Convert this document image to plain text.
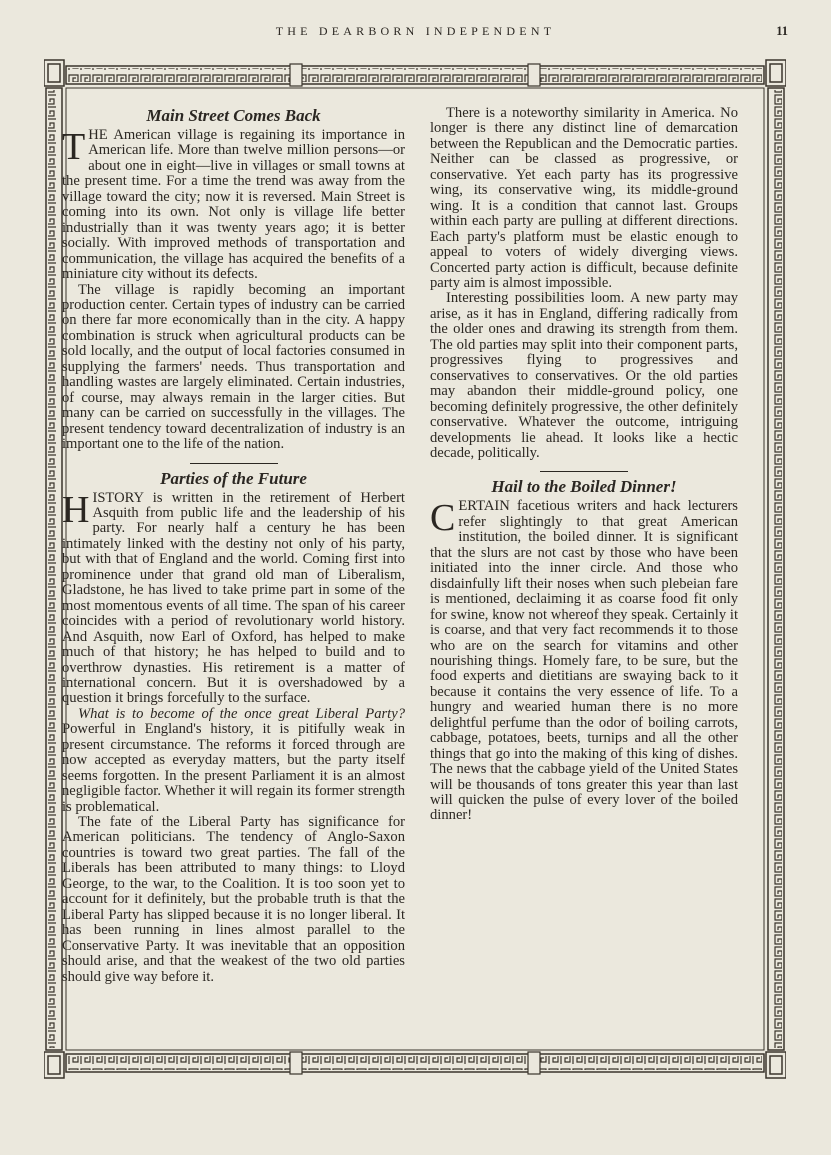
THE DEARBORN INDEPENDENT	11
Main Street Comes Back

THE American village is regaining its importance in American life. More than twelve million persons—or about one in eight—live in villages or small towns at the present time. For a time the trend was away from the village toward the city; now it is reversed. Main Street is coming into its own. Not only is village life better industrially than it was twenty years ago; it is better socially. With improved methods of transportation and communication, the village has acquired the benefits of a miniature city without its defects.

The village is rapidly becoming an important production center. Certain types of industry can be carried on there far more economically than in the city. A happy combination is struck when agricultural products can be sold locally, and the output of local factories consumed in supplying the farmers' needs. Thus transportation and handling wastes are largely eliminated. Certain industries, of course, may always remain in the larger cities. But many can be carried on successfully in the villages. The present tendency toward decentralization of industry is an important one to the life of the nation.

Parties of the Future

HISTORY is written in the retirement of Herbert Asquith from public life and the leadership of his party. For nearly half a century he has been intimately linked with the destiny not only of his party, but with that of England and the world. Coming first into prominence under that grand old man of Liberalism, Gladstone, he has lived to take prime part in some of the most momentous events of all time. The span of his career coincides with a period of revolutionary world history. And Asquith, now Earl of Oxford, has helped to make much of that history; he has helped to build and to overthrow dynasties. His retirement is a matter of international concern. But it is overshadowed by a question it brings forcefully to the surface.

What is to become of the once great Liberal Party? Powerful in England's history, it is pitifully weak in present circumstance. The reforms it forced through are now accepted as everyday matters, but the party itself seems forgotten. In the present Parliament it is an almost negligible factor. Whether it will regain its former strength is problematical.

The fate of the Liberal Party has significance for American politicians. The tendency of Anglo-Saxon countries is toward two great parties. The fall of the Liberals has been attributed to many things: to Lloyd George, to the war, to the Coalition. It is too soon yet to account for it definitely, but the probable truth is that the Liberal Party has slipped because it is no longer liberal. It has been running in lines almost parallel to the Conservative Party. It was inevitable that an opposition should arise, and that the weakest of the two old parties should give way before it.

There is a noteworthy similarity in America. No longer is there any distinct line of demarcation between the Republican and the Democratic parties. Neither can be classed as progressive, or conservative. Yet each party has its progressive wing, its conservative wing, its middle-ground wing. It is a condition that cannot last. Groups within each party are pulling at different directions. Each party's platform must be elastic enough to appeal to voters of widely diverging views. Concerted party action is difficult, because definite party aim is almost impossible.

Interesting possibilities loom. A new party may arise, as it has in England, differing radically from the older ones and drawing its strength from them. The old parties may split into their component parts, progressives flying to progressives and conservatives to conservatives. Or the old parties may abandon their middle-ground policy, one becoming definitely progressive, the other definitely conservative. Whatever the outcome, intriguing developments lie ahead. It looks like a hectic decade, politically.

Hail to the Boiled Dinner!

CERTAIN facetious writers and hack lecturers refer slightingly to that great American institution, the boiled dinner. It is significant that the slurs are not cast by those who have been initiated into the inner circle. And those who disdainfully lift their noses when such plebeian fare is mentioned, declaiming it as coarse food fit only for swine, know not whereof they speak. Certainly it is coarse, and that very fact recommends it to those who are on the search for vitamins and other nourishing things. Homely fare, to be sure, but the food experts and dietitians are swaying back to it because it contains the very essence of life. To a hungry and wearied human there is no more delightful perfume than the odor of boiling carrots, cabbage, potatoes, beets, turnips and all the other things that go into the making of this king of dishes. The news that the cabbage yield of the United States will be thousands of tons greater this year than last will quicken the pulse of every lover of the boiled dinner!
